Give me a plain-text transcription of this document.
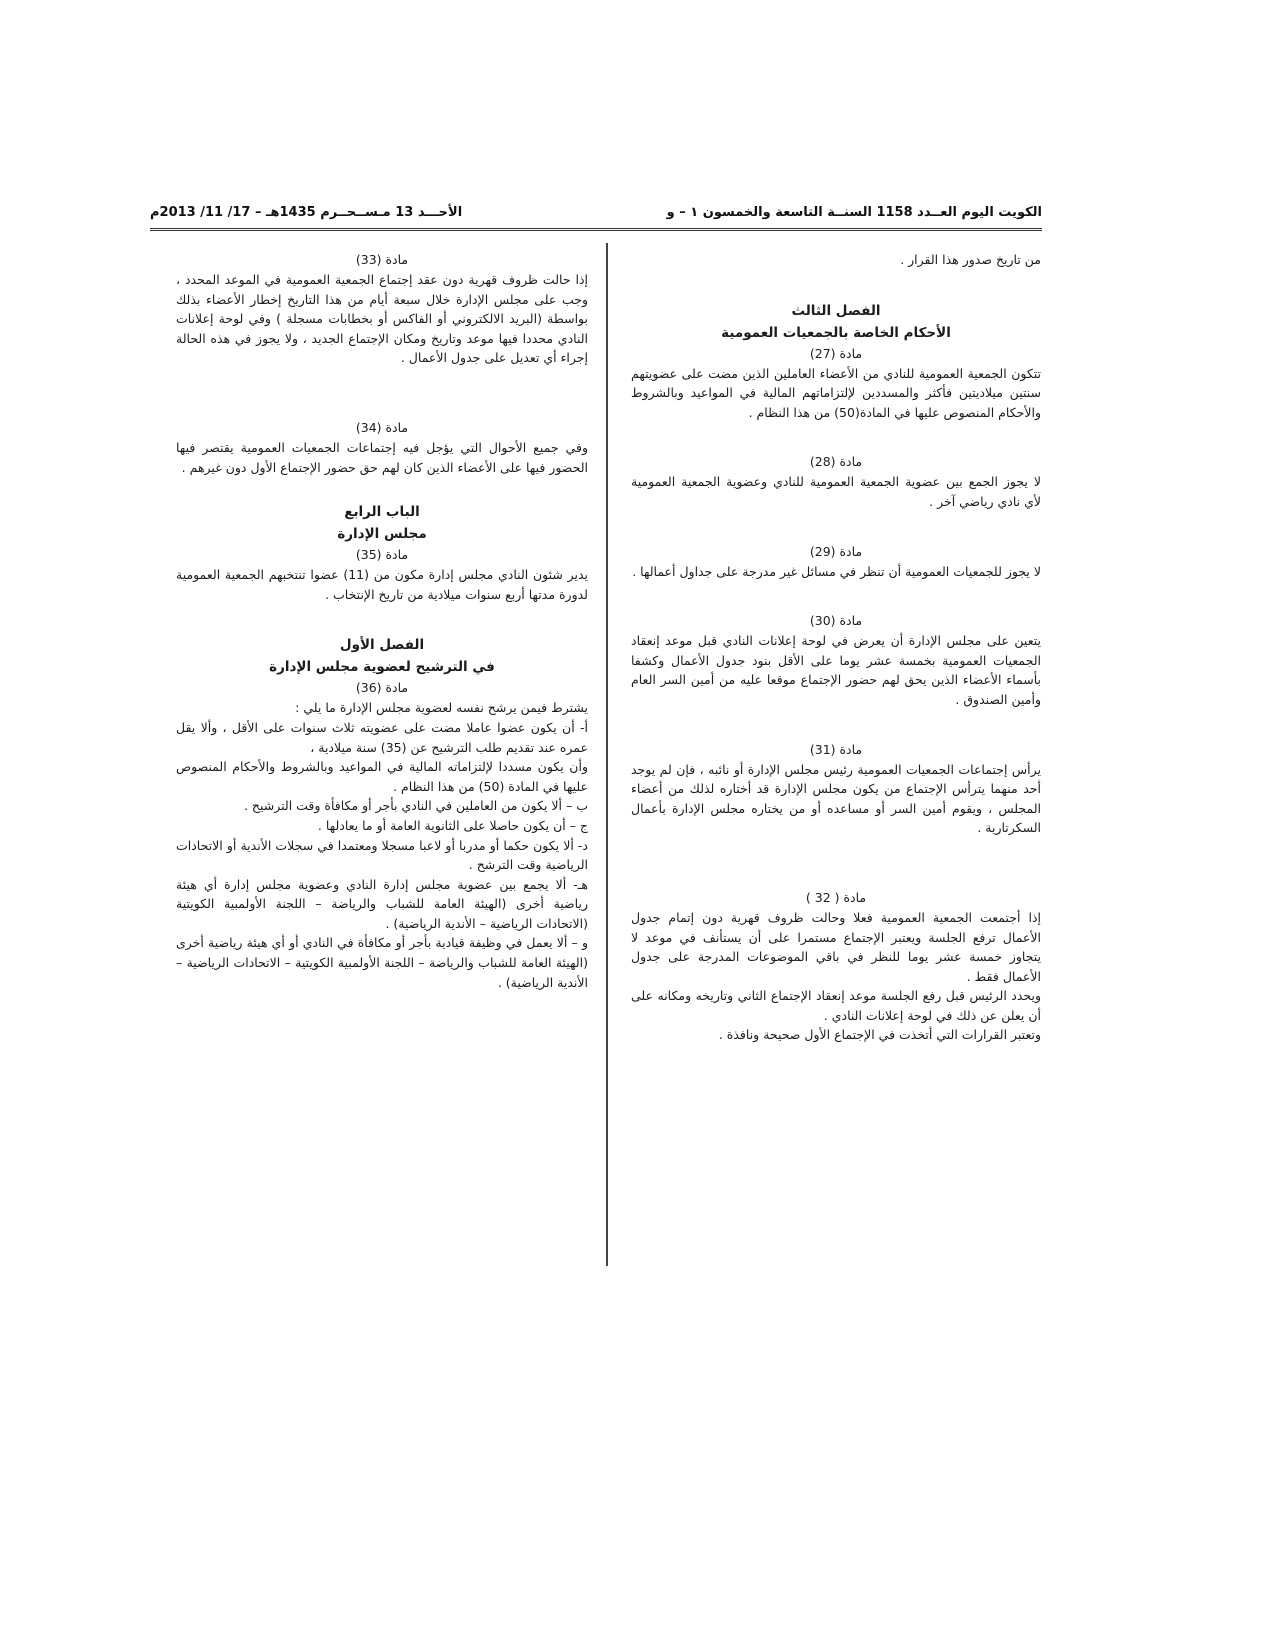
الكويت اليوم العــدد 1158 السنــة التاسعة والخمسون ١ – و
الأحـــد 13 مـســحــرم 1435هـ – 17/ 11/ 2013م

من تاريخ صدور هذا القرار .

الفصل الثالث

الأحكام الخاصة بالجمعيات العمومية

مادة (27)

تتكون الجمعية العمومية للنادي من الأعضاء العاملين الذين مضت على عضويتهم سنتين ميلاديتين فأكثر والمسددين لإلتزاماتهم المالية في المواعيد وبالشروط والأحكام المنصوص عليها في المادة(50) من هذا النظام .

مادة (28)

لا يجوز الجمع بين عضوية الجمعية العمومية للنادي وعضوية الجمعية العمومية لأي نادي رياضي آخر .

مادة (29)

لا يجوز للجمعيات العمومية أن تنظر في مسائل غير مدرجة على جداول أعمالها .

مادة (30)

يتعين على مجلس الإدارة أن يعرض في لوحة إعلانات النادي قبل موعد إنعقاد الجمعيات العمومية بخمسة عشر يوما على الأقل بنود جدول الأعمال وكشفا بأسماء الأعضاء الذين يحق لهم حضور الإجتماع موقعا عليه من أمين السر العام وأمين الصندوق .

مادة (31)

يرأس إجتماعات الجمعيات العمومية رئيس مجلس الإدارة أو نائبه ، فإن لم يوجد أحد منهما يترأس الإجتماع من يكون مجلس الإدارة قد أختاره لذلك من أعضاء المجلس ، ويقوم أمين السر أو مساعده أو من يختاره مجلس الإدارة بأعمال السكرتارية .

مادة ( 32 )

إذا أجتمعت الجمعية العمومية فعلا وحالت ظروف قهرية دون إتمام جدول الأعمال ترفع الجلسة ويعتبر الإجتماع مستمرا على أن يستأنف في موعد لا يتجاوز خمسة عشر يوما للنظر في باقي الموضوعات المدرجة على جدول الأعمال فقط .

ويحدد الرئيس قبل رفع الجلسة موعد إنعقاد الإجتماع الثاني وتاريخه ومكانه على أن يعلن عن ذلك في لوحة إعلانات النادي .

وتعتبر القرارات التي أتخذت في الإجتماع الأول صحيحة ونافذة .

مادة (33)

إذا حالت ظروف قهرية دون عقد إجتماع الجمعية العمومية في الموعد المحدد ، وجب على مجلس الإدارة خلال سبعة أيام من هذا التاريخ إخطار الأعضاء بذلك بواسطة (البريد الالكتروني أو الفاكس أو بخطابات مسجلة ) وفي لوحة إعلانات النادي محددا فيها موعد وتاريخ ومكان الإجتماع الجديد ، ولا يجوز في هذه الحالة إجراء أي تعديل على جدول الأعمال .

مادة (34)

وفي جميع الأحوال التي يؤجل فيه إجتماعات الجمعيات العمومية يقتصر فيها الحضور فيها على الأعضاء الذين كان لهم حق حضور الإجتماع الأول دون غيرهم .

الباب الرابع

مجلس الإدارة

مادة (35)

يدير شئون النادي مجلس إدارة مكون من (11) عضوا تنتخبهم الجمعية العمومية لدورة مدتها أربع سنوات ميلادية من تاريخ الإنتخاب .

الفصل الأول

في الترشيح لعضوية مجلس الإدارة

مادة (36)

يشترط فيمن يرشح نفسه لعضوية مجلس الإدارة ما يلي :

أ- أن يكون عضوا عاملا مضت على عضويته ثلاث سنوات على الأقل ، وألا يقل عمره عند تقديم طلب الترشيح عن (35) سنة ميلادية ،

وأن يكون مسددا لإلتزاماته المالية في المواعيد وبالشروط والأحكام المنصوص عليها في المادة (50) من هذا النظام .

ب – ألا يكون من العاملين في النادي بأجر أو مكافأة وقت الترشيح .

ج – أن يكون حاصلا على الثانوية العامة أو ما يعادلها .

د- ألا يكون حكما أو مدربا أو لاعبا مسجلا ومعتمدا في سجلات الأندية أو الاتحادات الرياضية وقت الترشح .

هـ- ألا يجمع بين عضوية مجلس إدارة النادي وعضوية مجلس إدارة أي هيئة رياضية أخرى (الهيئة العامة للشباب والرياضة – اللجنة الأولمبية الكويتية (الاتحادات الرياضية – الأندية الرياضية) .

و – ألا يعمل في وظيفة قيادية بأجر أو مكافأة في النادي أو أي هيئة رياضية أخرى (الهيئة العامة للشباب والرياضة – اللجنة الأولمبية الكويتية – الاتحادات الرياضية – الأندية الرياضية) .
